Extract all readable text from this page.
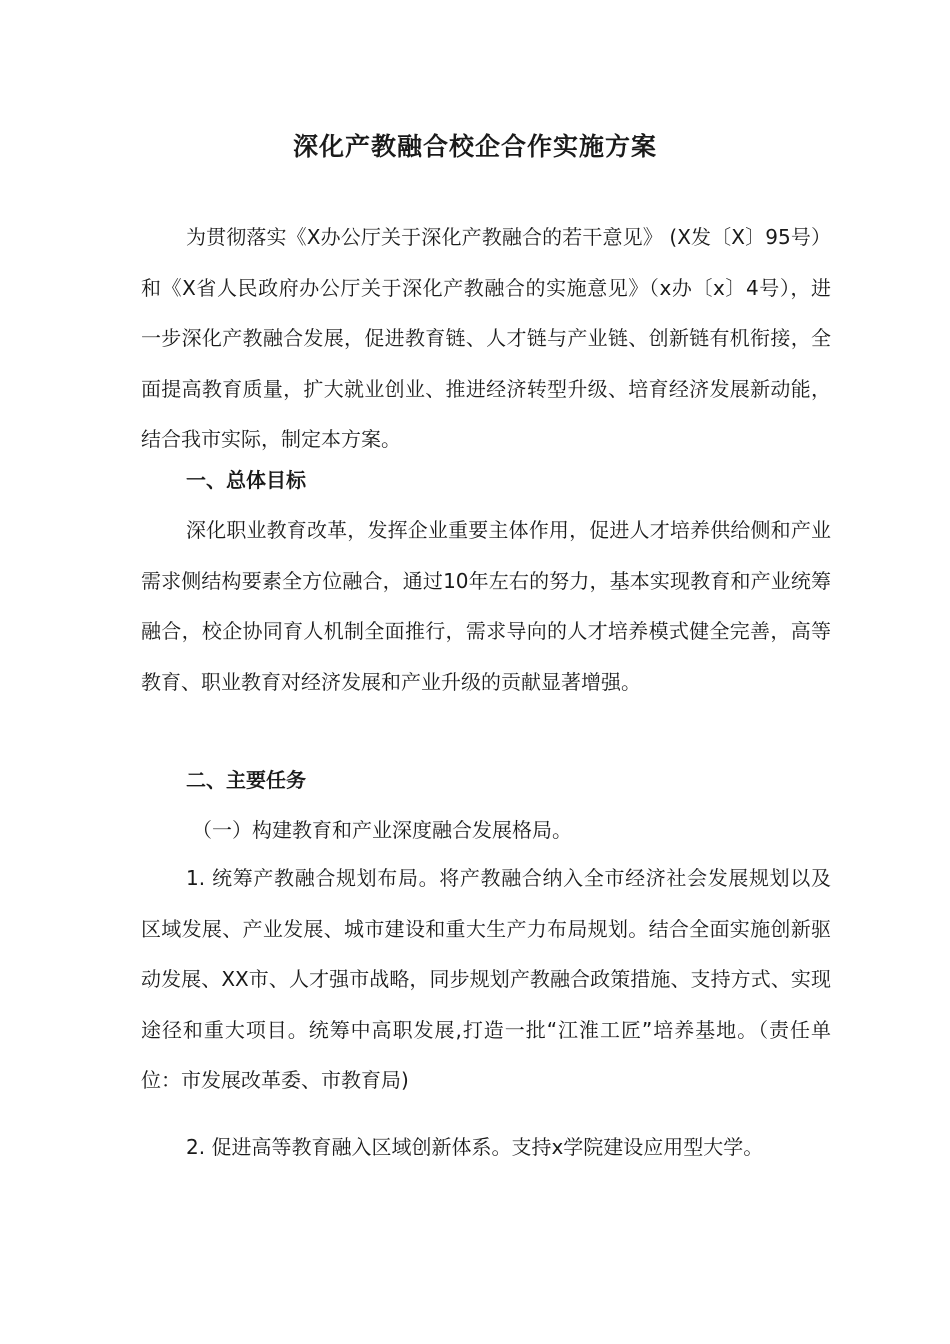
深化产教融合校企合作实施方案

为贯彻落实《X办公厅关于深化产教融合的若干意见》 (X发〔X〕95号）和《X省人民政府办公厅关于深化产教融合的实施意见》（x办〔x〕4号），进一步深化产教融合发展，促进教育链、人才链与产业链、创新链有机衔接，全面提高教育质量，扩大就业创业、推进经济转型升级、培育经济发展新动能，结合我市实际，制定本方案。

一、总体目标

深化职业教育改革，发挥企业重要主体作用，促进人才培养供给侧和产业需求侧结构要素全方位融合，通过10年左右的努力，基本实现教育和产业统筹融合，校企协同育人机制全面推行，需求导向的人才培养模式健全完善，高等教育、职业教育对经济发展和产业升级的贡献显著增强。

二、主要任务

（一）构建教育和产业深度融合发展格局。

1. 统筹产教融合规划布局。将产教融合纳入全市经济社会发展规划以及区域发展、产业发展、城市建设和重大生产力布局规划。结合全面实施创新驱动发展、XX市、人才强市战略，同步规划产教融合政策措施、支持方式、实现途径和重大项目。统筹中高职发展,打造一批“江淮工匠”培养基地。（责任单位：市发展改革委、市教育局)

2. 促进高等教育融入区域创新体系。支持x学院建设应用型大学。
